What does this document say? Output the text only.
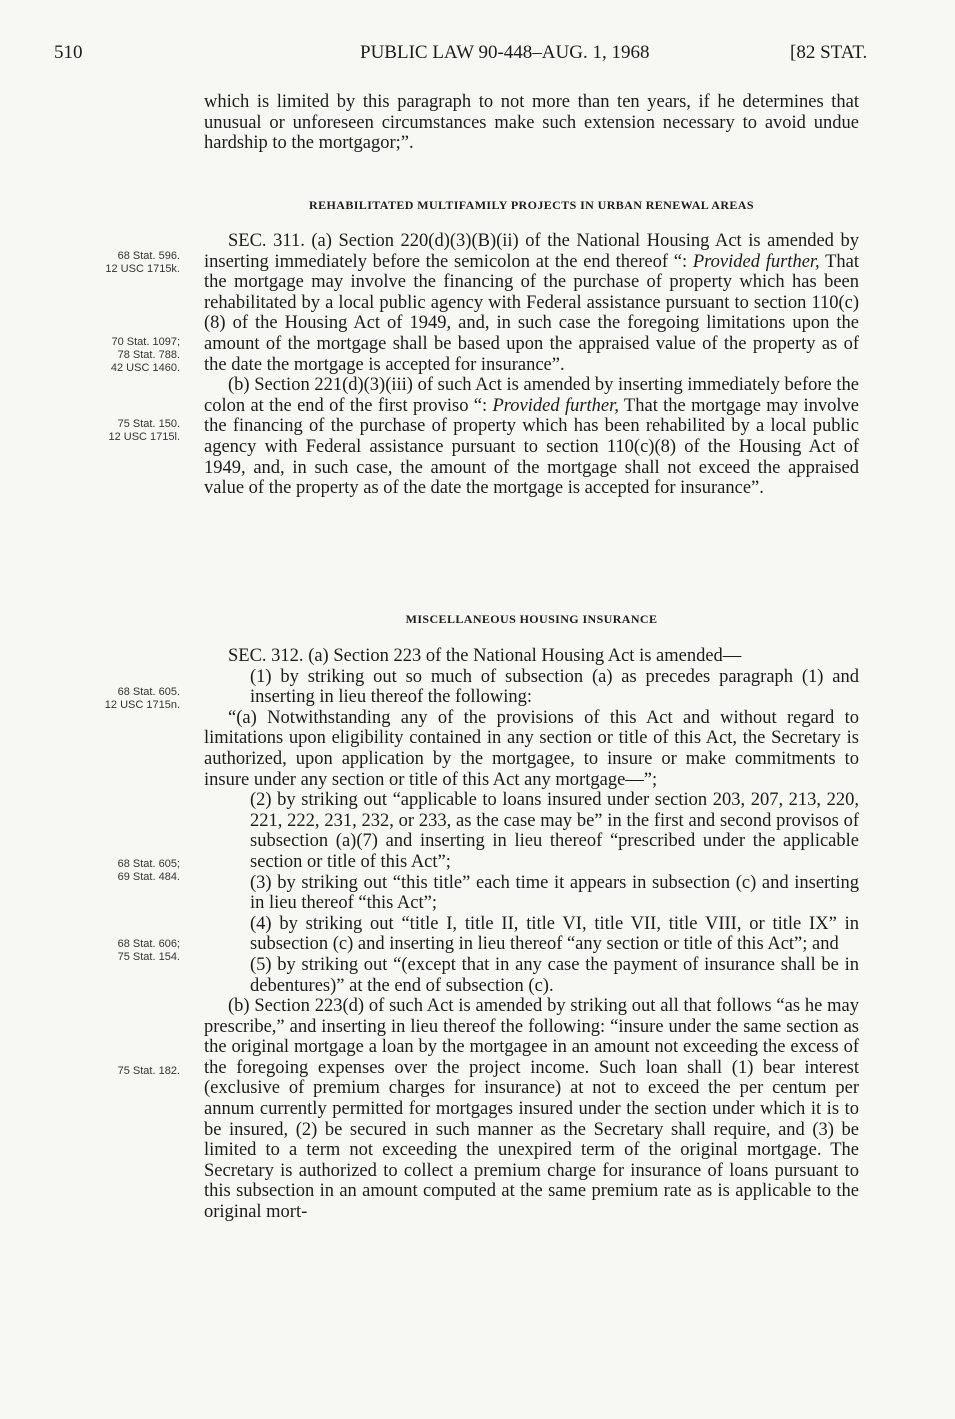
510	PUBLIC LAW 90-448–AUG. 1, 1968	[82 STAT.

which is limited by this paragraph to not more than ten years, if he determines that unusual or unforeseen circumstances make such extension necessary to avoid undue hardship to the mortgagor;”.

REHABILITATED MULTIFAMILY PROJECTS IN URBAN RENEWAL AREAS

SEC. 311. (a) Section 220(d)(3)(B)(ii) of the National Housing Act is amended by inserting immediately before the semicolon at the end thereof “: Provided further, That the mortgage may involve the financing of the purchase of property which has been rehabilitated by a local public agency with Federal assistance pursuant to section 110(c)(8) of the Housing Act of 1949, and, in such case the foregoing limitations upon the amount of the mortgage shall be based upon the appraised value of the property as of the date the mortgage is accepted for insurance”.

(b) Section 221(d)(3)(iii) of such Act is amended by inserting immediately before the colon at the end of the first proviso “: Provided further, That the mortgage may involve the financing of the purchase of property which has been rehabilited by a local public agency with Federal assistance pursuant to section 110(c)(8) of the Housing Act of 1949, and, in such case, the amount of the mortgage shall not exceed the appraised value of the property as of the date the mortgage is accepted for insurance”.

MISCELLANEOUS HOUSING INSURANCE

SEC. 312. (a) Section 223 of the National Housing Act is amended—

(1) by striking out so much of subsection (a) as precedes paragraph (1) and inserting in lieu thereof the following:

“(a) Notwithstanding any of the provisions of this Act and without regard to limitations upon eligibility contained in any section or title of this Act, the Secretary is authorized, upon application by the mortgagee, to insure or make commitments to insure under any section or title of this Act any mortgage—”;

(2) by striking out “applicable to loans insured under section 203, 207, 213, 220, 221, 222, 231, 232, or 233, as the case may be” in the first and second provisos of subsection (a)(7) and inserting in lieu thereof “prescribed under the applicable section or title of this Act”;

(3) by striking out “this title” each time it appears in subsection (c) and inserting in lieu thereof “this Act”;

(4) by striking out “title I, title II, title VI, title VII, title VIII, or title IX” in subsection (c) and inserting in lieu thereof “any section or title of this Act”; and

(5) by striking out “(except that in any case the payment of insurance shall be in debentures)” at the end of subsection (c).

(b) Section 223(d) of such Act is amended by striking out all that follows “as he may prescribe,” and inserting in lieu thereof the following: “insure under the same section as the original mortgage a loan by the mortgagee in an amount not exceeding the excess of the foregoing expenses over the project income. Such loan shall (1) bear interest (exclusive of premium charges for insurance) at not to exceed the per centum per annum currently permitted for mortgages insured under the section under which it is to be insured, (2) be secured in such manner as the Secretary shall require, and (3) be limited to a term not exceeding the unexpired term of the original mortgage. The Secretary is authorized to collect a premium charge for insurance of loans pursuant to this subsection in an amount computed at the same premium rate as is applicable to the original mort-

68 Stat. 596.
12 USC 1715k.
70 Stat. 1097;
78 Stat. 788.
42 USC 1460.
75 Stat. 150.
12 USC 1715l.
68 Stat. 605.
12 USC 1715n.
68 Stat. 605;
69 Stat. 484.
68 Stat. 606;
75 Stat. 154.
75 Stat. 182.
